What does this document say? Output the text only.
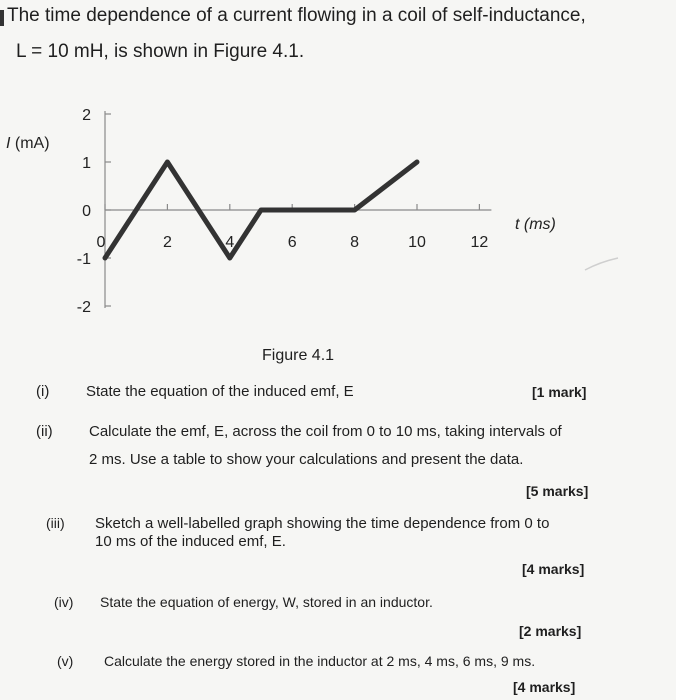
The time dependence of a current flowing in a coil of self-inductance,
L = 10 mH, is shown in Figure 4.1.
2
1
0
-1
-2
0	2	4	6	8	10	12
I (mA)
t (ms)
Figure 4.1
(i) State the equation of the induced emf, E	[1 mark]
(ii) Calculate the emf, E, across the coil from 0 to 10 ms, taking intervals of
2 ms. Use a table to show your calculations and present the data.
[5 marks]
(iii) Sketch a well-labelled graph showing the time dependence from 0 to
10 ms of the induced emf, E.
[4 marks]
(iv) State the equation of energy, W, stored in an inductor.
[2 marks]
(v) Calculate the energy stored in the inductor at 2 ms, 4 ms, 6 ms, 9 ms.
[4 marks]
